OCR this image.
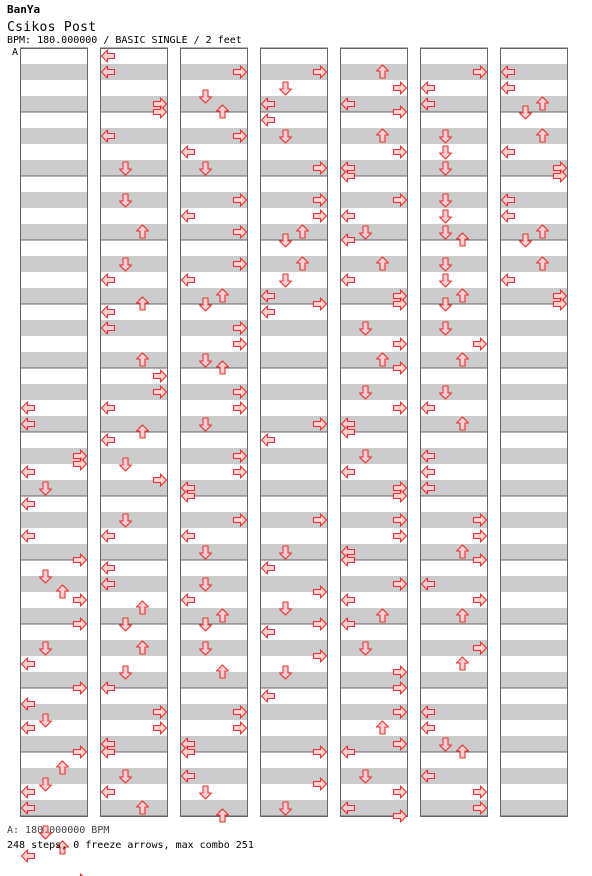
BanYa
Csikos Post
BPM: 180.000000 / BASIC SINGLE / 2 feet
A
A: 180.000000 BPM
248 steps, 0 freeze arrows, max combo 251
